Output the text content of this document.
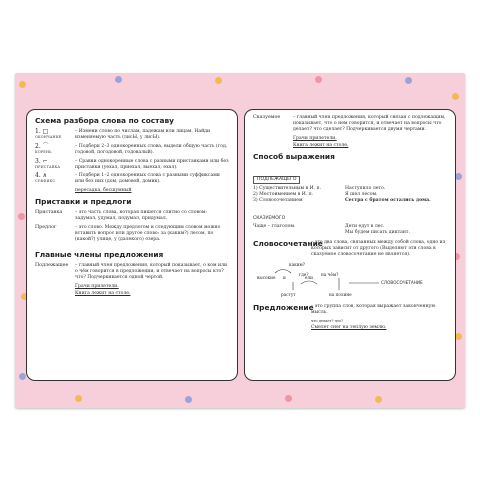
Схема разбора слова по составу
1. □
ОКОНЧАНИЕ
– Измени слово по числам, падежам или лицам. Найди изменяемую часть (лисЫ, у лисЫ).
2. ⌒
КОРЕНЬ
– Подбери 2–3 однокоренных слова, выдели общую часть (год, годовой, погодовой, годовалый).
3. ⌐
ПРИСТАВКА
– Сравни однокоренные слова с разными приставками или без приставки (уехал, приехал, выехал, ехал).
4. ∧
СУФФИКС
– Подбери 1–2 однокоренных слова с разными суффиксами или без них (дом, домовой, домик).
пересадка, бесшумный
Приставки и предлоги
Приставка	– это часть слова, которая пишется слитно со словом: задумал, удумал, подумал, придумал.
Предлог	– это слово. Между предлогом и следующим словом можно вставить вопрос или другое слово: за (каким?) лесом, по (какой?) улице, у (далекого) озера.
Главные члены предложения
Подлежащее	– главный член предложения, который показывает, о ком или о чём говорится в предложении, и отвечает на вопросы кто? что? Подчеркивается одной чертой.
Грачи прилетели.
Книга лежит на столе.
Сказуемое	– главный член предложения, который связан с подлежащим, показывает, что о нем говорится, и отвечает на вопросы что делает? что сделает? Подчеркивается двумя чертами.
Грачи прилетели.
Книга лежит на столе.
Способ выражения
ПОДЛЕЖАЩЕГО
1) Существительным в И. п.	Наступило лето.
2) Местоимением в И. п.	Я шел лесом.
3) Словосочетанием	Сестра с братом остались дома.
СКАЗУЕМОГО
Чаще – глаголом.	Дети едут в лес.
Мы будем писать диктант.
Словосочетание
– это два слова, связанных между собой слова, одно из которых зависит от другого (Выделяют эти слова в сказуемое словосочетание не является).
каким?
высокие и	ели
где?	на чём?
растут	на полине
СЛОВОСОЧЕТАНИЕ
Предложение
– это группа слов, которая выражает законченную мысль.
что делает? что?
Смелет снег на теплую землю.
